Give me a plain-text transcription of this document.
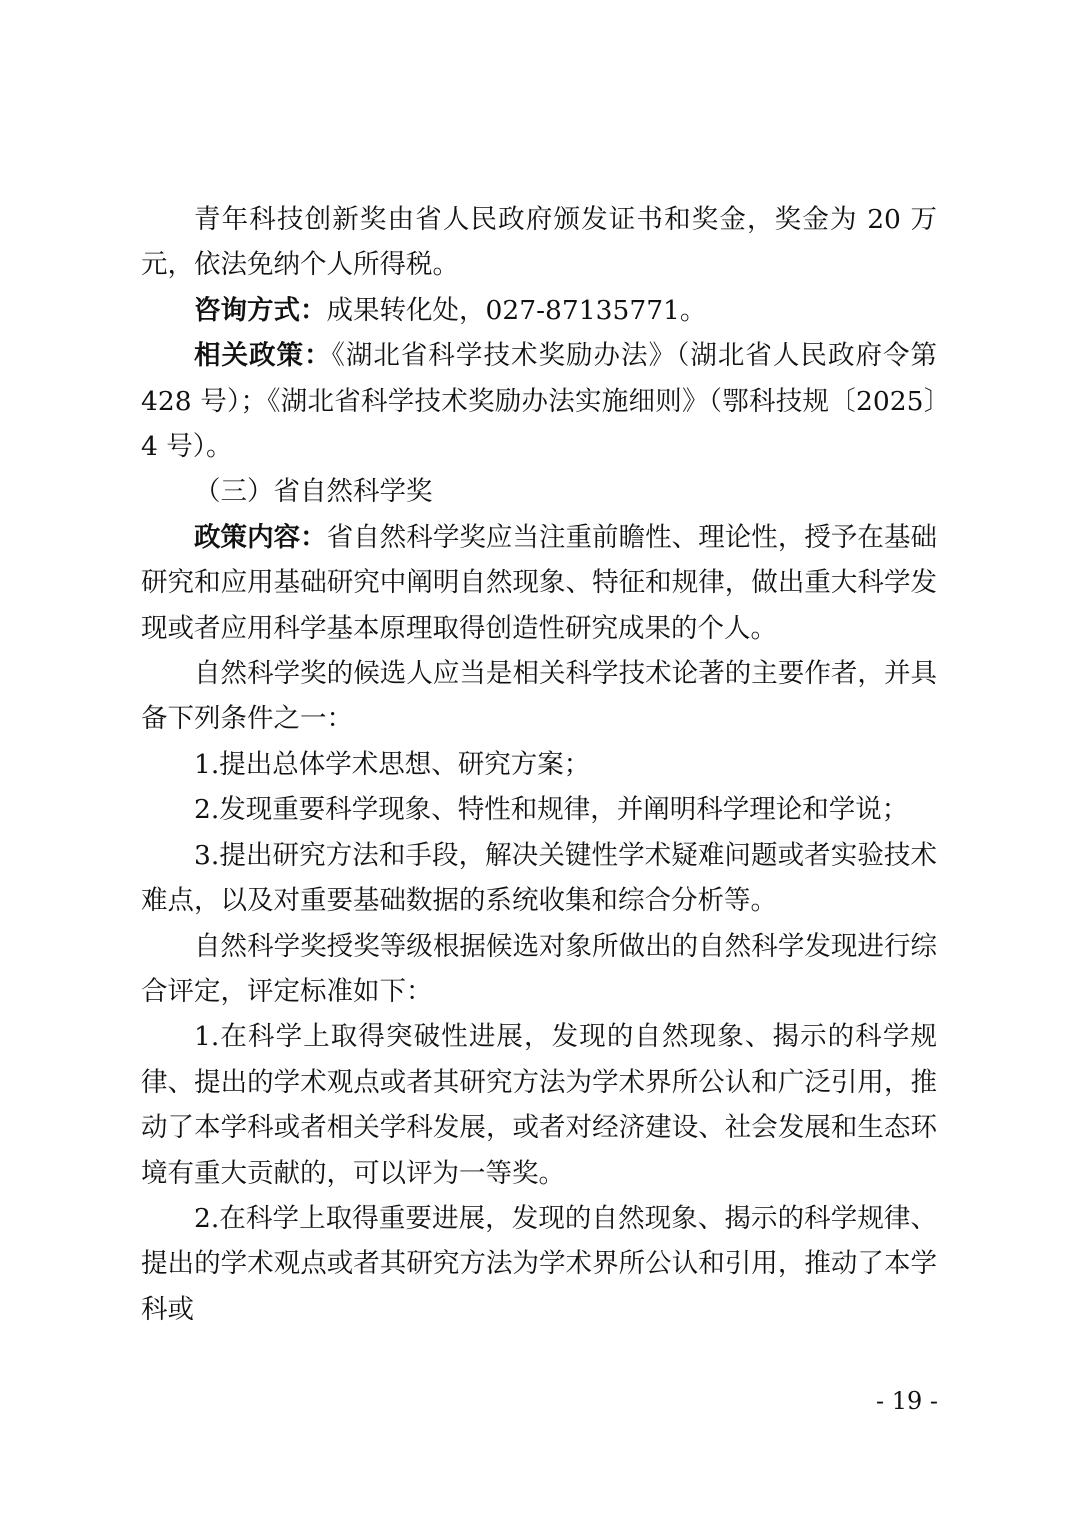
青年科技创新奖由省人民政府颁发证书和奖金，奖金为 20 万元，依法免纳个人所得税。

咨询方式：成果转化处，027-87135771。

相关政策：《湖北省科学技术奖励办法》（湖北省人民政府令第 428 号）；《湖北省科学技术奖励办法实施细则》（鄂科技规〔2025〕4 号）。

（三）省自然科学奖

政策内容：省自然科学奖应当注重前瞻性、理论性，授予在基础研究和应用基础研究中阐明自然现象、特征和规律，做出重大科学发现或者应用科学基本原理取得创造性研究成果的个人。

自然科学奖的候选人应当是相关科学技术论著的主要作者，并具备下列条件之一：

1.提出总体学术思想、研究方案；

2.发现重要科学现象、特性和规律，并阐明科学理论和学说；

3.提出研究方法和手段，解决关键性学术疑难问题或者实验技术难点，以及对重要基础数据的系统收集和综合分析等。

自然科学奖授奖等级根据候选对象所做出的自然科学发现进行综合评定，评定标准如下：

1.在科学上取得突破性进展，发现的自然现象、揭示的科学规律、提出的学术观点或者其研究方法为学术界所公认和广泛引用，推动了本学科或者相关学科发展，或者对经济建设、社会发展和生态环境有重大贡献的，可以评为一等奖。

2.在科学上取得重要进展，发现的自然现象、揭示的科学规律、提出的学术观点或者其研究方法为学术界所公认和引用，推动了本学科或

- 19 -
